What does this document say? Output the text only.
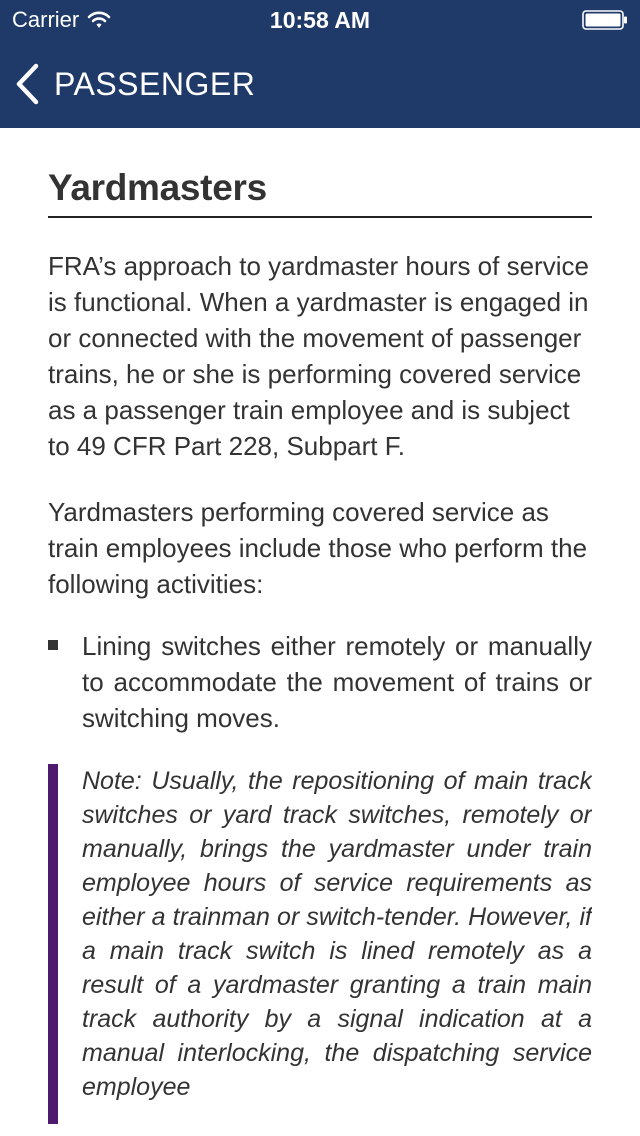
Carrier	10:58 AM
PASSENGER
Yardmasters

FRA’s approach to yardmaster hours of service is functional. When a yardmaster is engaged in or connected with the movement of passenger trains, he or she is performing covered service as a passenger train employee and is subject to 49 CFR Part 228, Subpart F.

Yardmasters performing covered service as train employees include those who perform the following activities:

Lining switches either remotely or manually to accommodate the movement of trains or switching moves.
Note: Usually, the repositioning of main track switches or yard track switches, remotely or manually, brings the yardmaster under train employee hours of service requirements as either a trainman or switch-tender. However, if a main track switch is lined remotely as a result of a yardmaster granting a train main track authority by a signal indication at a manual interlocking, the dispatching service employee
